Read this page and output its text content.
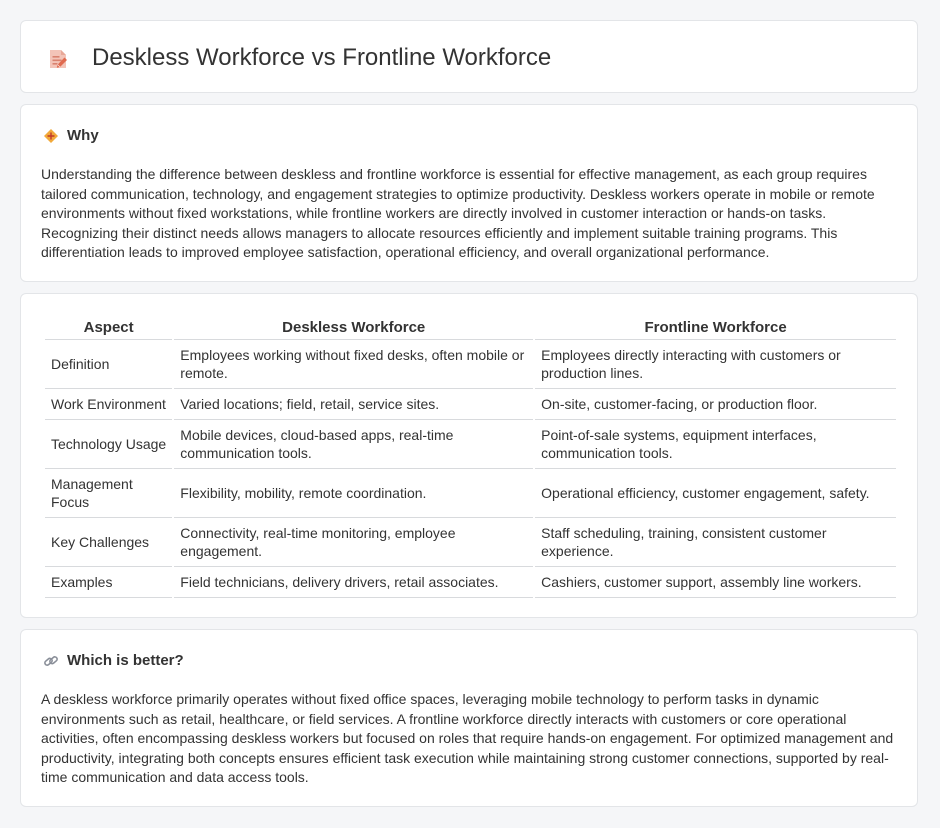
Deskless Workforce vs Frontline Workforce
Why
Understanding the difference between deskless and frontline workforce is essential for effective management, as each group requires tailored communication, technology, and engagement strategies to optimize productivity. Deskless workers operate in mobile or remote environments without fixed workstations, while frontline workers are directly involved in customer interaction or hands-on tasks. Recognizing their distinct needs allows managers to allocate resources efficiently and implement suitable training programs. This differentiation leads to improved employee satisfaction, operational efficiency, and overall organizational performance.
Aspect	Deskless Workforce	Frontline Workforce
Definition	Employees working without fixed desks, often mobile or remote.	Employees directly interacting with customers or production lines.
Work Environment	Varied locations; field, retail, service sites.	On-site, customer-facing, or production floor.
Technology Usage	Mobile devices, cloud-based apps, real-time communication tools.	Point-of-sale systems, equipment interfaces, communication tools.
Management Focus	Flexibility, mobility, remote coordination.	Operational efficiency, customer engagement, safety.
Key Challenges	Connectivity, real-time monitoring, employee engagement.	Staff scheduling, training, consistent customer experience.
Examples	Field technicians, delivery drivers, retail associates.	Cashiers, customer support, assembly line workers.
Which is better?
A deskless workforce primarily operates without fixed office spaces, leveraging mobile technology to perform tasks in dynamic environments such as retail, healthcare, or field services. A frontline workforce directly interacts with customers or core operational activities, often encompassing deskless workers but focused on roles that require hands-on engagement. For optimized management and productivity, integrating both concepts ensures efficient task execution while maintaining strong customer connections, supported by real-time communication and data access tools.
